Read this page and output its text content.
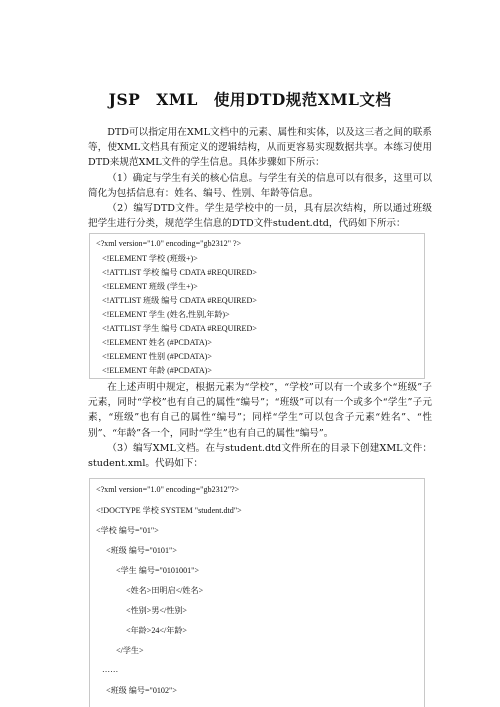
JSP　XML　使用DTD规范XML文档

DTD可以指定用在XML文档中的元素、属性和实体，以及这三者之间的联系等，使XML文档具有预定义的逻辑结构，从而更容易实现数据共享。本练习使用DTD来规范XML文件的学生信息。具体步骤如下所示：

（1）确定与学生有关的核心信息。与学生有关的信息可以有很多，这里可以简化为包括信息有：姓名、编号、性别、年龄等信息。

（2）编写DTD文件。学生是学校中的一员，具有层次结构，所以通过班级把学生进行分类，规范学生信息的DTD文件student.dtd，代码如下所示：

<?xml version="1.0" encoding="gb2312" ?>
<!ELEMENT 学校 (班级+)>
<!ATTLIST 学校 编号 CDATA #REQUIRED>
<!ELEMENT 班级 (学生+)>
<!ATTLIST 班级 编号 CDATA #REQUIRED>
<!ELEMENT 学生 (姓名,性别,年龄)>
<!ATTLIST 学生 编号 CDATA #REQUIRED>
<!ELEMENT 姓名 (#PCDATA)>
<!ELEMENT 性别 (#PCDATA)>
<!ELEMENT 年龄 (#PCDATA)>

在上述声明中规定，根据元素为“学校”，“学校”可以有一个或多个“班级”子元素，同时“学校”也有自己的属性“编号”；“班级”可以有一个或多个“学生”子元素，“班级”也有自己的属性“编号”；同样“学生”可以包含子元素“姓名”、“性别”、“年龄”各一个，同时“学生”也有自己的属性“编号”。

（3）编写XML文档。在与student.dtd文件所在的目录下创建XML文件：student.xml。代码如下：

<?xml version="1.0" encoding="gb2312"?>
<!DOCTYPE 学校 SYSTEM "student.dtd">
<学校 编号="01">
<班级 编号="0101">
<学生 编号="0101001">
<姓名>田明启</姓名>
<性别>男</性别>
<年龄>24</年龄>
</学生>
……
<班级 编号="0102">
